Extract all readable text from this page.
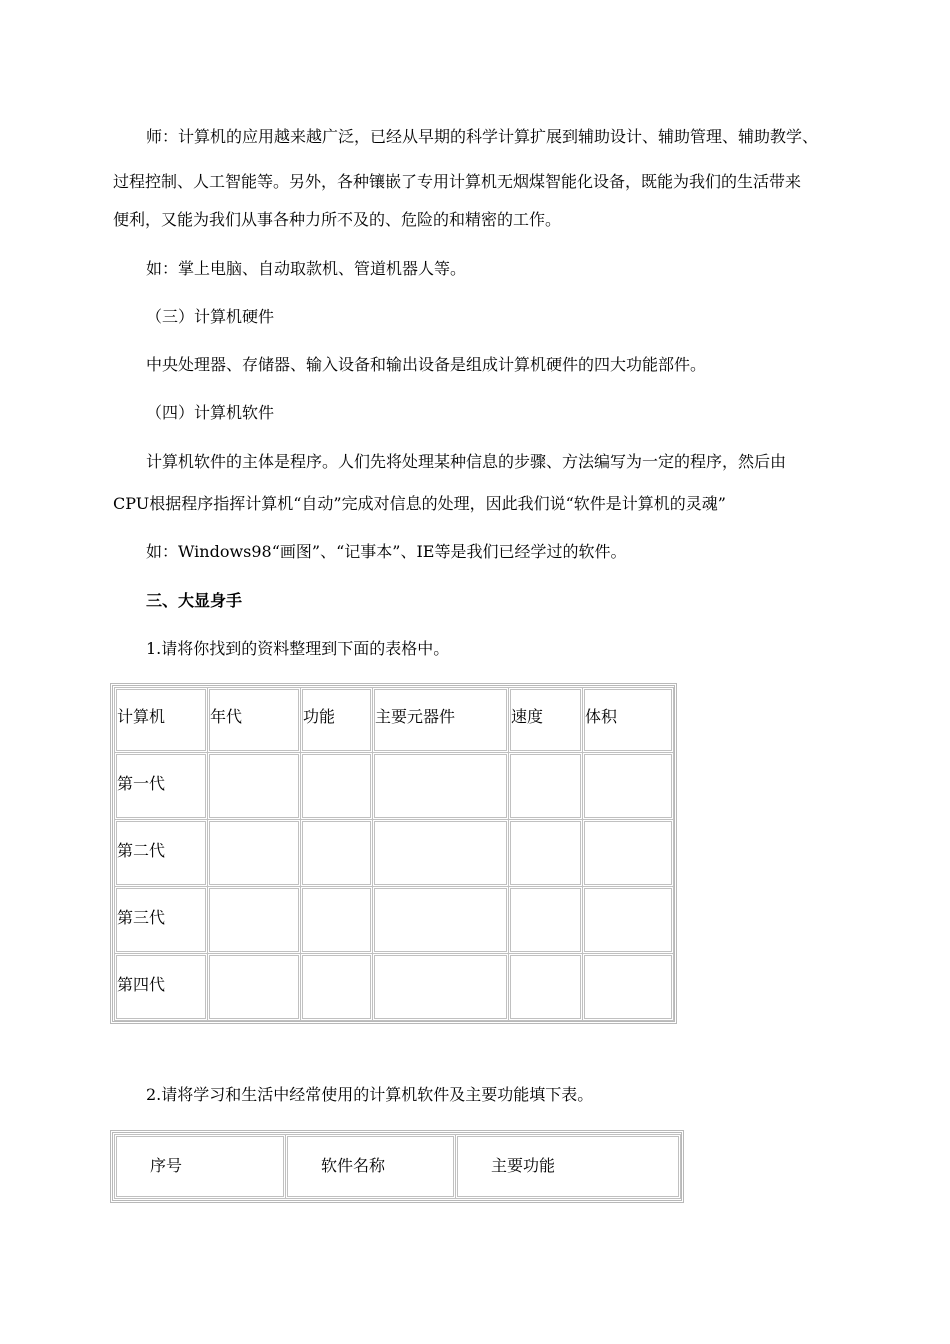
师：计算机的应用越来越广泛，已经从早期的科学计算扩展到辅助设计、辅助管理、辅助教学、
过程控制、人工智能等。另外，各种镶嵌了专用计算机无烟煤智能化设备，既能为我们的生活带来
便利，又能为我们从事各种力所不及的、危险的和精密的工作。
如：掌上电脑、自动取款机、管道机器人等。
（三）计算机硬件
中央处理器、存储器、输入设备和输出设备是组成计算机硬件的四大功能部件。
（四）计算机软件
计算机软件的主体是程序。人们先将处理某种信息的步骤、方法编写为一定的程序，然后由
CPU根据程序指挥计算机“自动”完成对信息的处理，因此我们说“软件是计算机的灵魂”
如：Windows98“画图”、“记事本”、IE等是我们已经学过的软件。
三、大显身手
1.请将你找到的资料整理到下面的表格中。
计算机	年代	功能 主要元器件	速度	体积
第一代
第二代
第三代
第四代
2.请将学习和生活中经常使用的计算机软件及主要功能填下表。
序号	软件名称	主要功能
